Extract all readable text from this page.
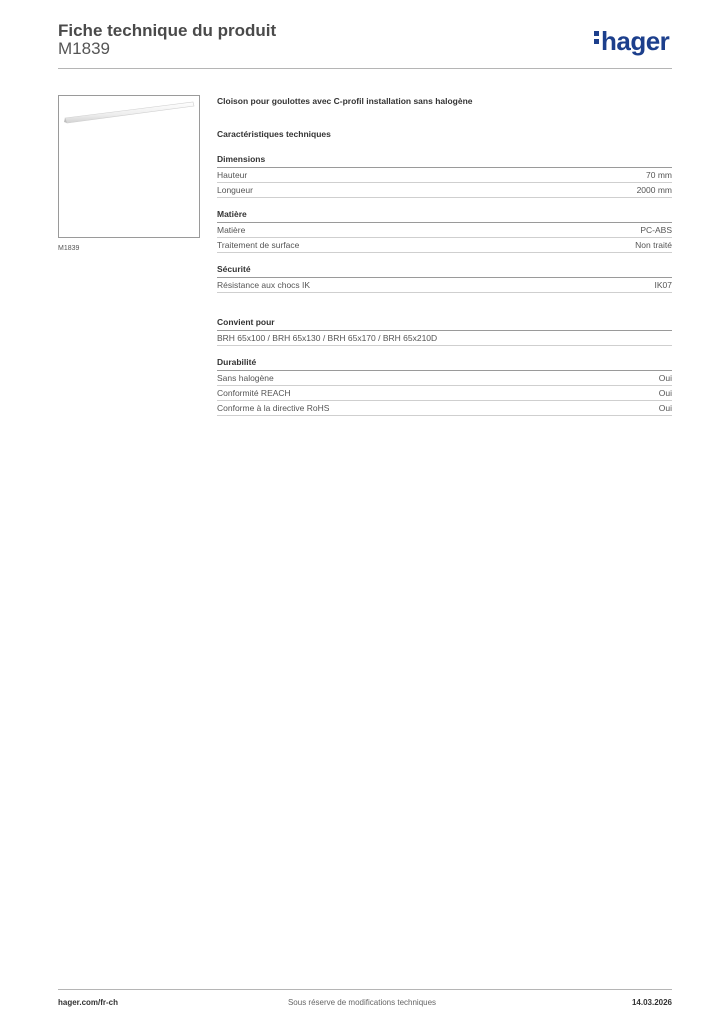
Fiche technique du produit
M1839	hager
M1839
Cloison pour goulottes avec C-profil installation sans halogène
Caractéristiques techniques
Dimensions
Hauteur	70 mm
Longueur	2000 mm
Matière
Matière	PC-ABS
Traitement de surface	Non traité
Sécurité
Résistance aux chocs IK	IK07
Convient pour
BRH 65x100 / BRH 65x130 / BRH 65x170 / BRH 65x210D
Durabilité
Sans halogène	Oui
Conformité REACH	Oui
Conforme à la directive RoHS	Oui
hager.com/fr-ch	Sous réserve de modifications techniques	14.03.2026
